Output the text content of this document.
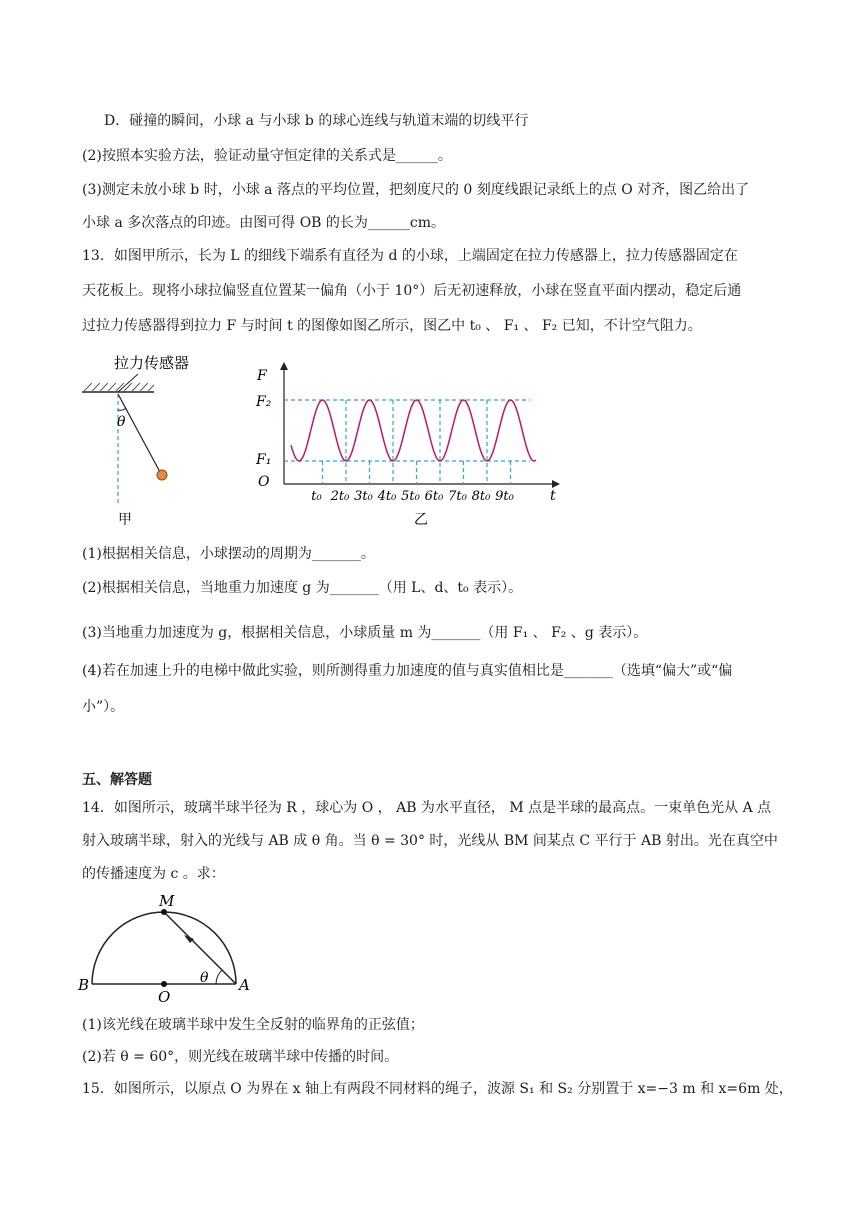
D．碰撞的瞬间，小球 a 与小球 b 的球心连线与轨道末端的切线平行
(2)按照本实验方法，验证动量守恒定律的关系式是______。
(3)测定未放小球 b 时，小球 a 落点的平均位置，把刻度尺的 0 刻度线跟记录纸上的点 O 对齐，图乙给出了
小球 a 多次落点的印迹。由图可得 OB 的长为______cm。
13．如图甲所示，长为 L 的细线下端系有直径为 d 的小球，上端固定在拉力传感器上，拉力传感器固定在
天花板上。现将小球拉偏竖直位置某一偏角（小于 10°）后无初速释放，小球在竖直平面内摆动，稳定后通
过拉力传感器得到拉力 F 与时间 t 的图像如图乙所示，图乙中 t₀ 、 F₁ 、 F₂ 已知，不计空气阻力。
拉力传感器
θ
甲
F
t
O
F₂
F₁
t₀ 2t₀ 3t₀ 4t₀ 5t₀ 6t₀ 7t₀ 8t₀ 9t₀
乙
(1)根据相关信息，小球摆动的周期为_______。
(2)根据相关信息，当地重力加速度 g 为_______（用 L、d、t₀ 表示）。
(3)当地重力加速度为 g，根据相关信息，小球质量 m 为_______（用 F₁ 、 F₂ 、g 表示）。
(4)若在加速上升的电梯中做此实验，则所测得重力加速度的值与真实值相比是_______（选填“偏大”或“偏
小”）。
五、解答题
14．如图所示，玻璃半球半径为 R ，球心为 O ， AB 为水平直径， M 点是半球的最高点。一束单色光从 A 点
射入玻璃半球，射入的光线与 AB 成 θ 角。当 θ = 30° 时，光线从 BM 间某点 C 平行于 AB 射出。光在真空中
的传播速度为 c 。求：
M
B
O
A
θ
(1)该光线在玻璃半球中发生全反射的临界角的正弦值；
(2)若 θ = 60°，则光线在玻璃半球中传播的时间。
15．如图所示，以原点 O 为界在 x 轴上有两段不同材料的绳子，波源 S₁ 和 S₂ 分别置于 x=−3 m 和 x=6m 处，
